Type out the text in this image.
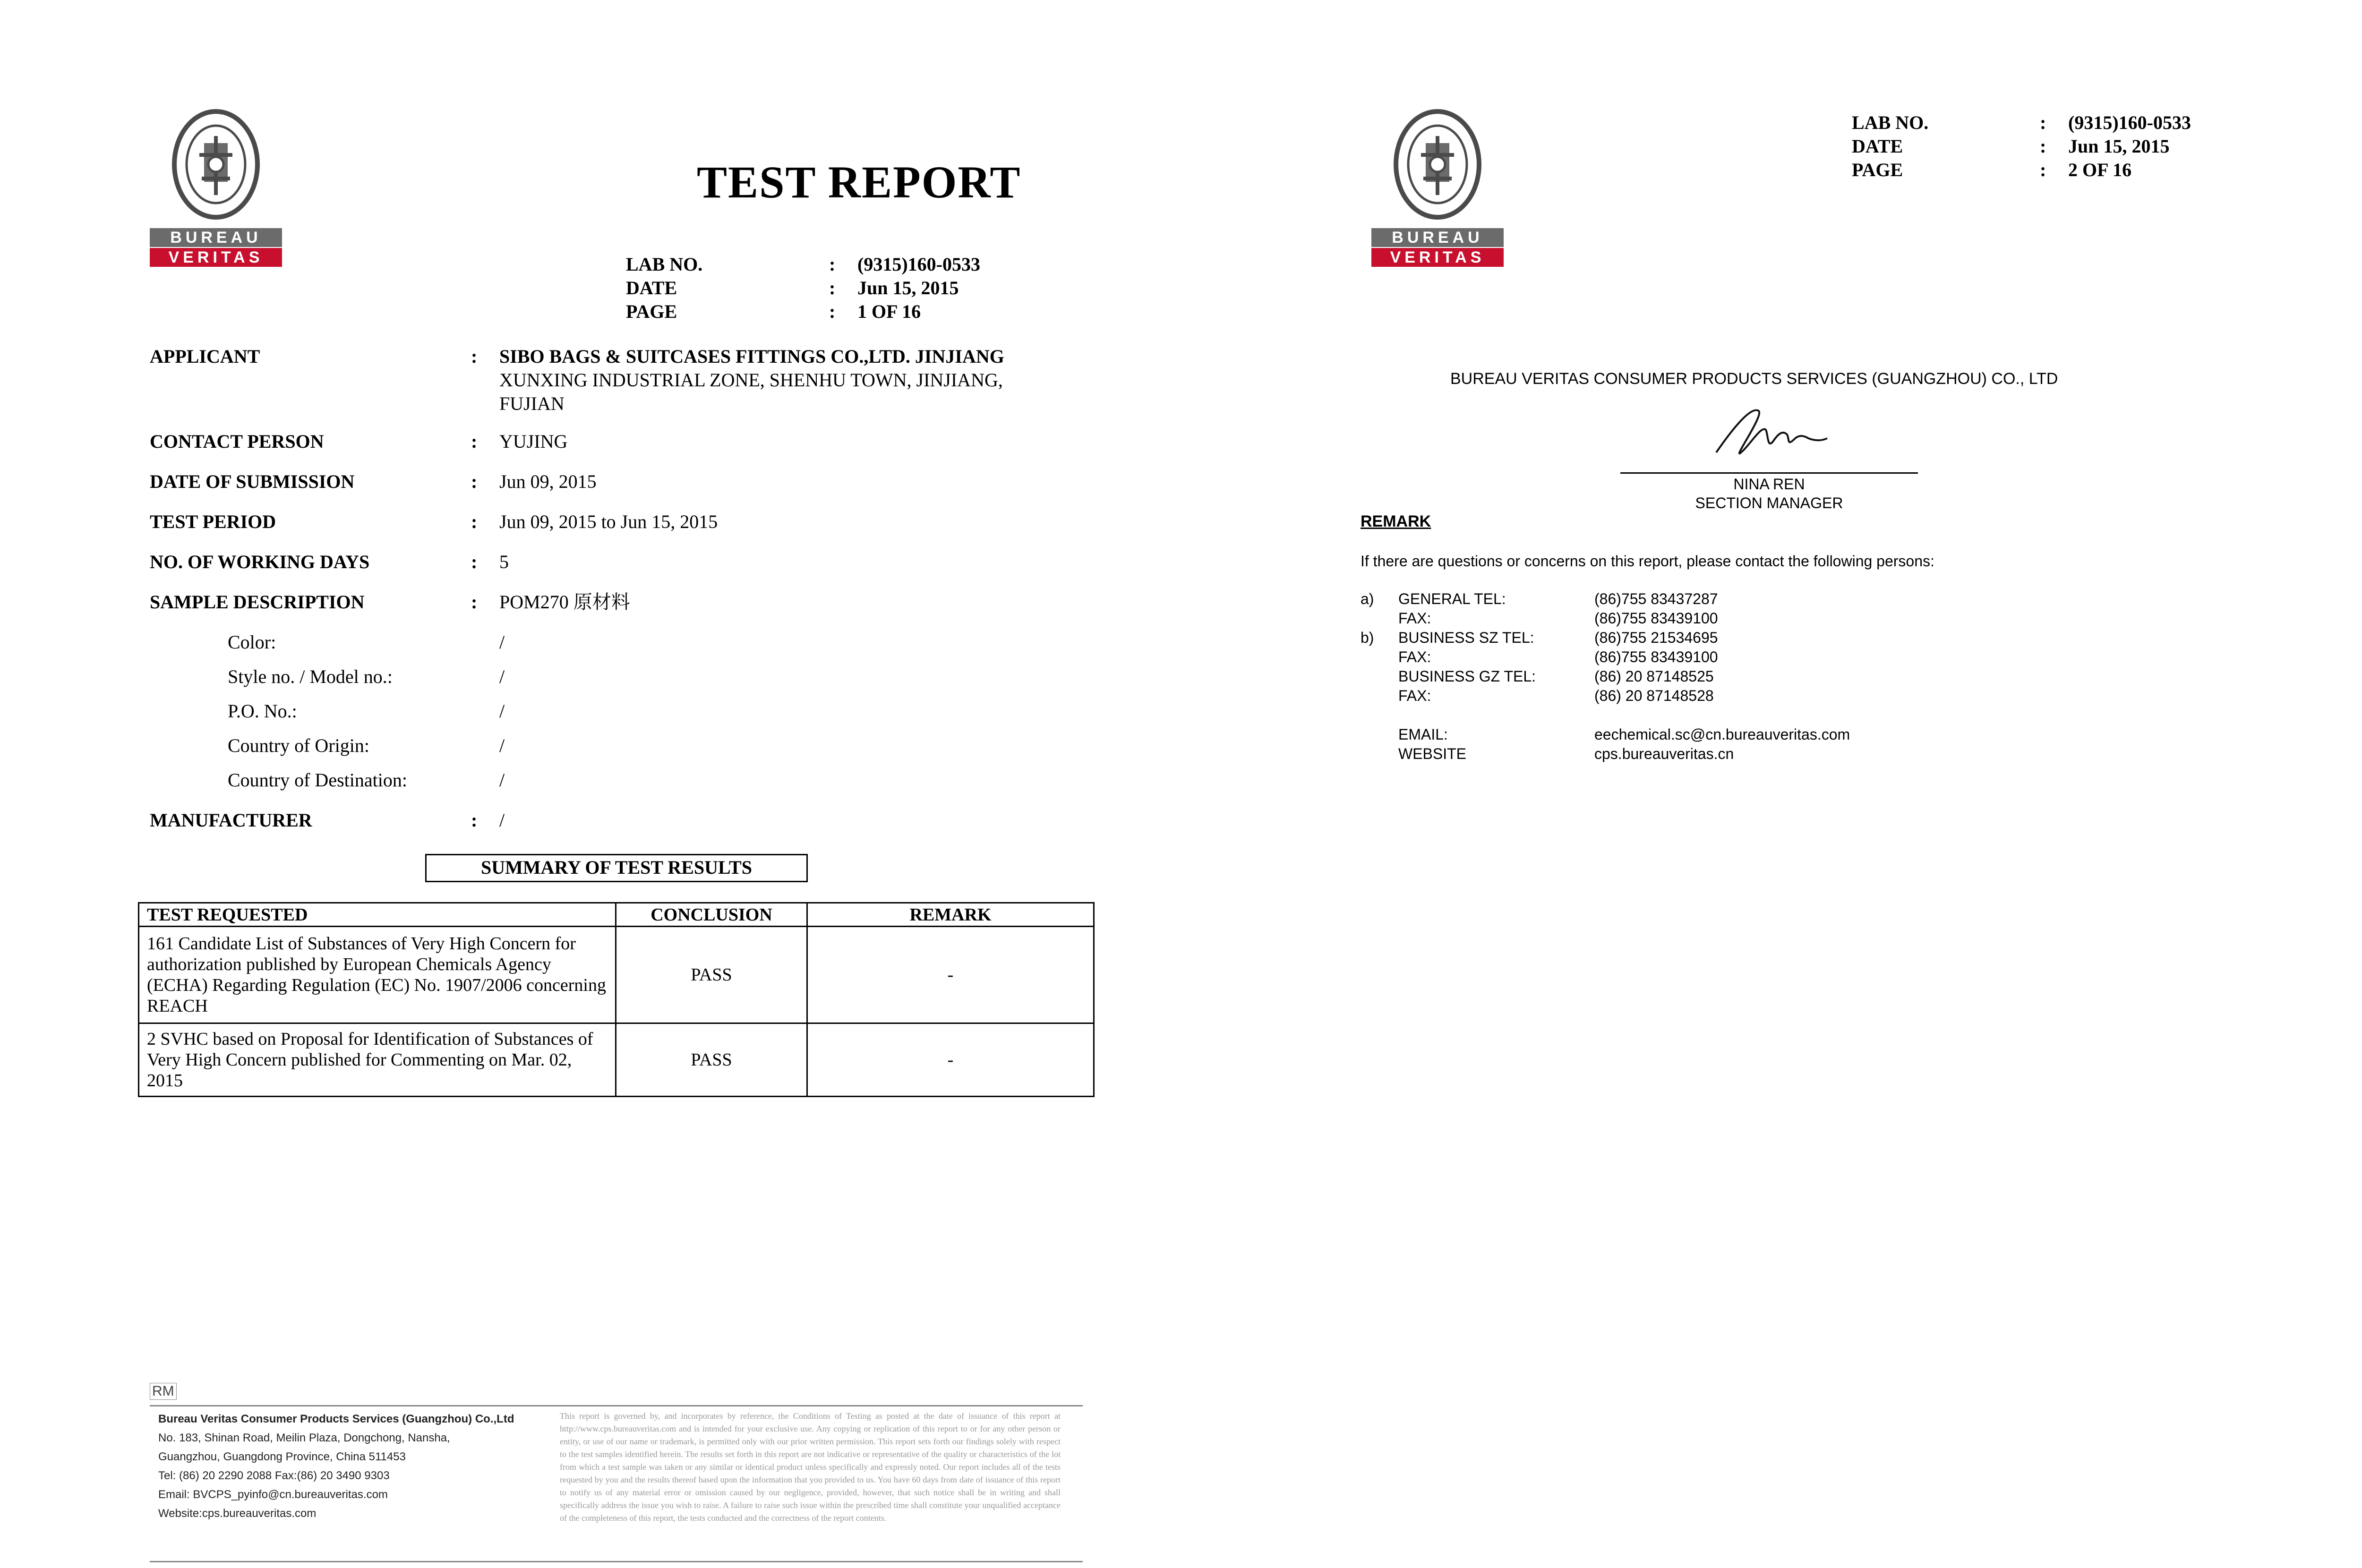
BUREAU
VERITAS
TEST REPORT
LAB NO.	:	(9315)160-0533
DATE	:	Jun 15, 2015
PAGE	:	1 OF 16
APPLICANT	:	SIBO BAGS & SUITCASES FITTINGS CO.,LTD. JINJIANG
XUNXING INDUSTRIAL ZONE, SHENHU TOWN, JINJIANG, FUJIAN
CONTACT PERSON	:	YUJING
DATE OF SUBMISSION	:	Jun 09, 2015
TEST PERIOD	:	Jun 09, 2015 to Jun 15, 2015
NO. OF WORKING DAYS	:	5
SAMPLE DESCRIPTION	:	POM270 原材料
Color:	/
Style no. / Model no.:	/
P.O. No.:	/
Country of Origin:	/
Country of Destination:	/
MANUFACTURER	:	/
SUMMARY OF TEST RESULTS
TEST REQUESTED	CONCLUSION	REMARK
161 Candidate List of Substances of Very High Concern for authorization published by European Chemicals Agency (ECHA) Regarding Regulation (EC) No. 1907/2006 concerning REACH	PASS	-
2 SVHC based on Proposal for Identification of Substances of Very High Concern published for Commenting on Mar. 02, 2015	PASS	-
RM
Bureau Veritas Consumer Products Services (Guangzhou) Co.,Ltd
No. 183, Shinan Road, Meilin Plaza, Dongchong, Nansha,
Guangzhou, Guangdong Province, China 511453
Tel: (86) 20 2290 2088 Fax:(86) 20 3490 9303
Email: BVCPS_pyinfo@cn.bureauveritas.com
Website:cps.bureauveritas.com
This report is governed by, and incorporates by reference, the Conditions of Testing as posted at the date of issuance of this report at http://www.cps.bureauveritas.com and is intended for your exclusive use. Any copying or replication of this report to or for any other person or entity, or use of our name or trademark, is permitted only with our prior written permission. This report sets forth our findings solely with respect to the test samples identified herein. The results set forth in this report are not indicative or representative of the quality or characteristics of the lot from which a test sample was taken or any similar or identical product unless specifically and expressly noted. Our report includes all of the tests requested by you and the results thereof based upon the information that you provided to us. You have 60 days from date of issuance of this report to notify us of any material error or omission caused by our negligence, provided, however, that such notice shall be in writing and shall specifically address the issue you wish to raise. A failure to raise such issue within the prescribed time shall constitute your unqualified acceptance of the completeness of this report, the tests conducted and the correctness of the report contents.
BUREAU
VERITAS
LAB NO.	:	(9315)160-0533
DATE	:	Jun 15, 2015
PAGE	:	2 OF 16
BUREAU VERITAS CONSUMER PRODUCTS SERVICES (GUANGZHOU) CO., LTD
NINA REN
SECTION MANAGER
REMARK
If there are questions or concerns on this report, please contact the following persons:
a)	GENERAL TEL:	(86)755 83437287
FAX:	(86)755 83439100
b)	BUSINESS SZ TEL:	(86)755 21534695
FAX:	(86)755 83439100
BUSINESS GZ TEL:	(86) 20 87148525
FAX:	(86) 20 87148528
EMAIL:	eechemical.sc@cn.bureauveritas.com
WEBSITE	cps.bureauveritas.cn
